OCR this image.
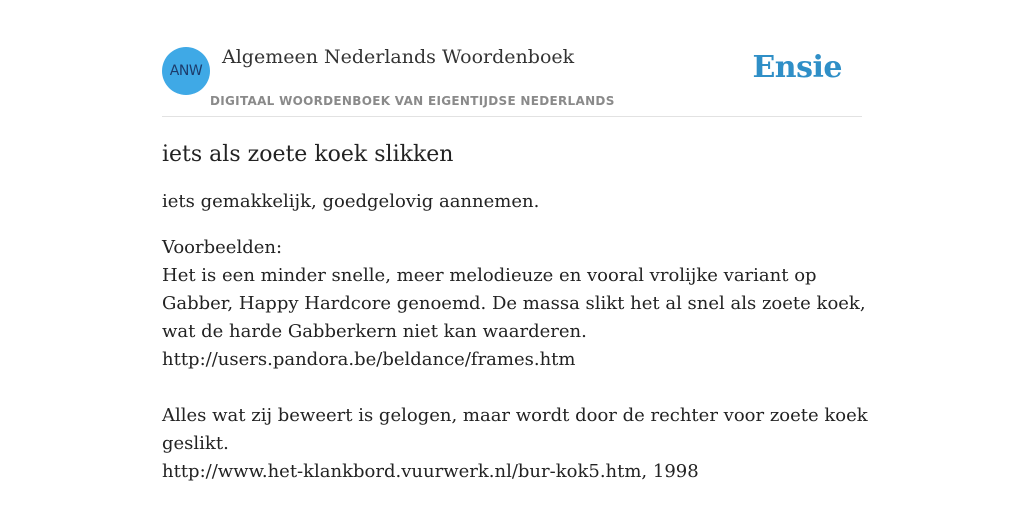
ANW
Algemeen Nederlands Woordenboek
DIGITAAL WOORDENBOEK VAN EIGENTIJDSE NEDERLANDS
Ensie
iets als zoete koek slikken
iets gemakkelijk, goedgelovig aannemen.
Voorbeelden:
Het is een minder snelle, meer melodieuze en vooral vrolijke variant op Gabber, Happy Hardcore genoemd. De massa slikt het al snel als zoete koek, wat de harde Gabberkern niet kan waarderen.
http://users.pandora.be/beldance/frames.htm
Alles wat zij beweert is gelogen, maar wordt door de rechter voor zoete koek geslikt.
http://www.het-klankbord.vuurwerk.nl/bur-kok5.htm, 1998
